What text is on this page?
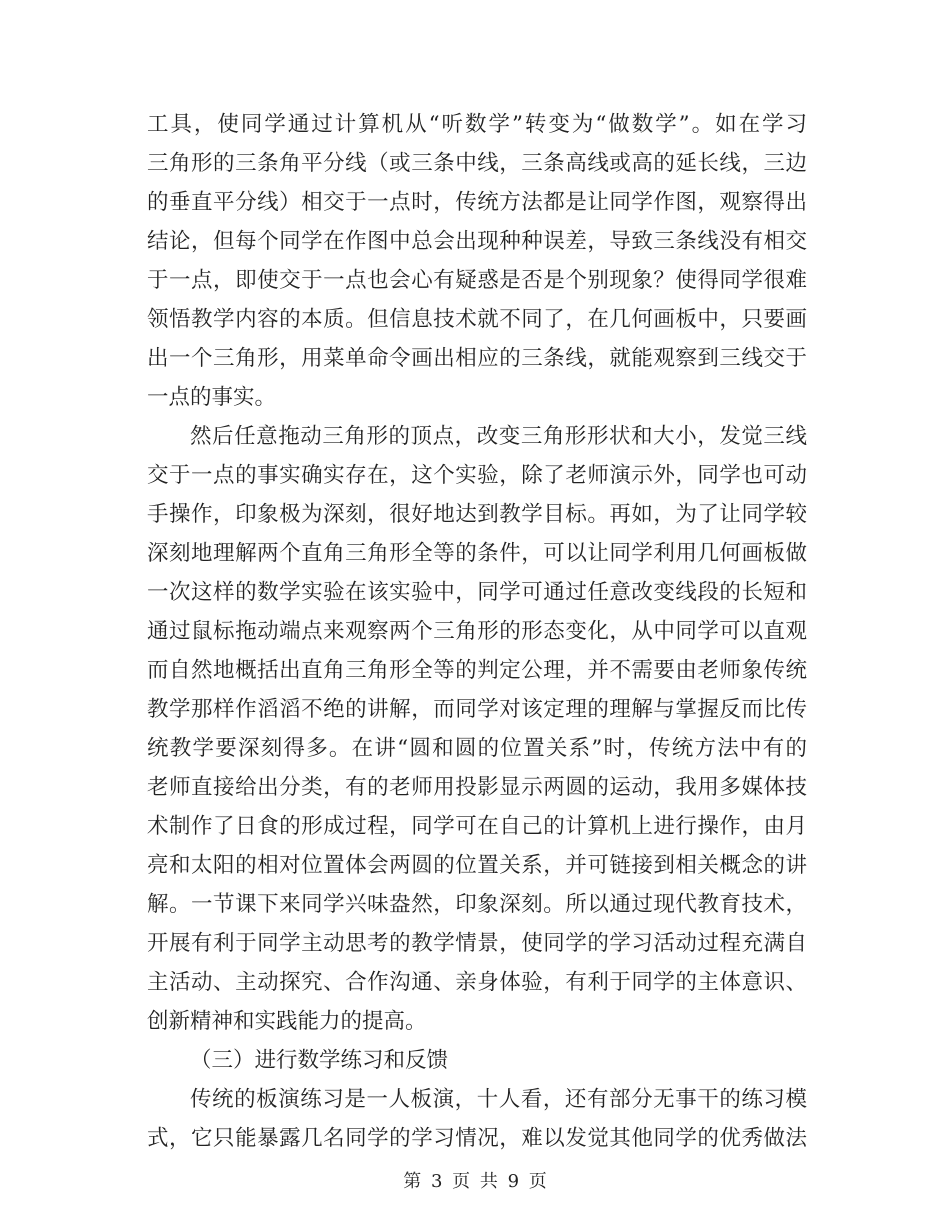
工具，使同学通过计算机从“听数学”转变为“做数学”。如在学习
三角形的三条角平分线（或三条中线，三条高线或高的延长线，三边
的垂直平分线）相交于一点时，传统方法都是让同学作图，观察得出
结论，但每个同学在作图中总会出现种种误差，导致三条线没有相交
于一点，即使交于一点也会心有疑惑是否是个别现象？使得同学很难
领悟教学内容的本质。但信息技术就不同了，在几何画板中，只要画
出一个三角形，用菜单命令画出相应的三条线，就能观察到三线交于
一点的事实。
然后任意拖动三角形的顶点，改变三角形形状和大小，发觉三线
交于一点的事实确实存在，这个实验，除了老师演示外，同学也可动
手操作，印象极为深刻，很好地达到教学目标。再如，为了让同学较
深刻地理解两个直角三角形全等的条件，可以让同学利用几何画板做
一次这样的数学实验在该实验中，同学可通过任意改变线段的长短和
通过鼠标拖动端点来观察两个三角形的形态变化，从中同学可以直观
而自然地概括出直角三角形全等的判定公理，并不需要由老师象传统
教学那样作滔滔不绝的讲解，而同学对该定理的理解与掌握反而比传
统教学要深刻得多。在讲“圆和圆的位置关系”时，传统方法中有的
老师直接给出分类，有的老师用投影显示两圆的运动，我用多媒体技
术制作了日食的形成过程，同学可在自己的计算机上进行操作，由月
亮和太阳的相对位置体会两圆的位置关系，并可链接到相关概念的讲
解。一节课下来同学兴味盎然，印象深刻。所以通过现代教育技术，
开展有利于同学主动思考的教学情景，使同学的学习活动过程充满自
主活动、主动探究、合作沟通、亲身体验，有利于同学的主体意识、
创新精神和实践能力的提高。
（三）进行数学练习和反馈
传统的板演练习是一人板演，十人看，还有部分无事干的练习模
式，它只能暴露几名同学的学习情况，难以发觉其他同学的优秀做法
第 3 页 共 9 页
